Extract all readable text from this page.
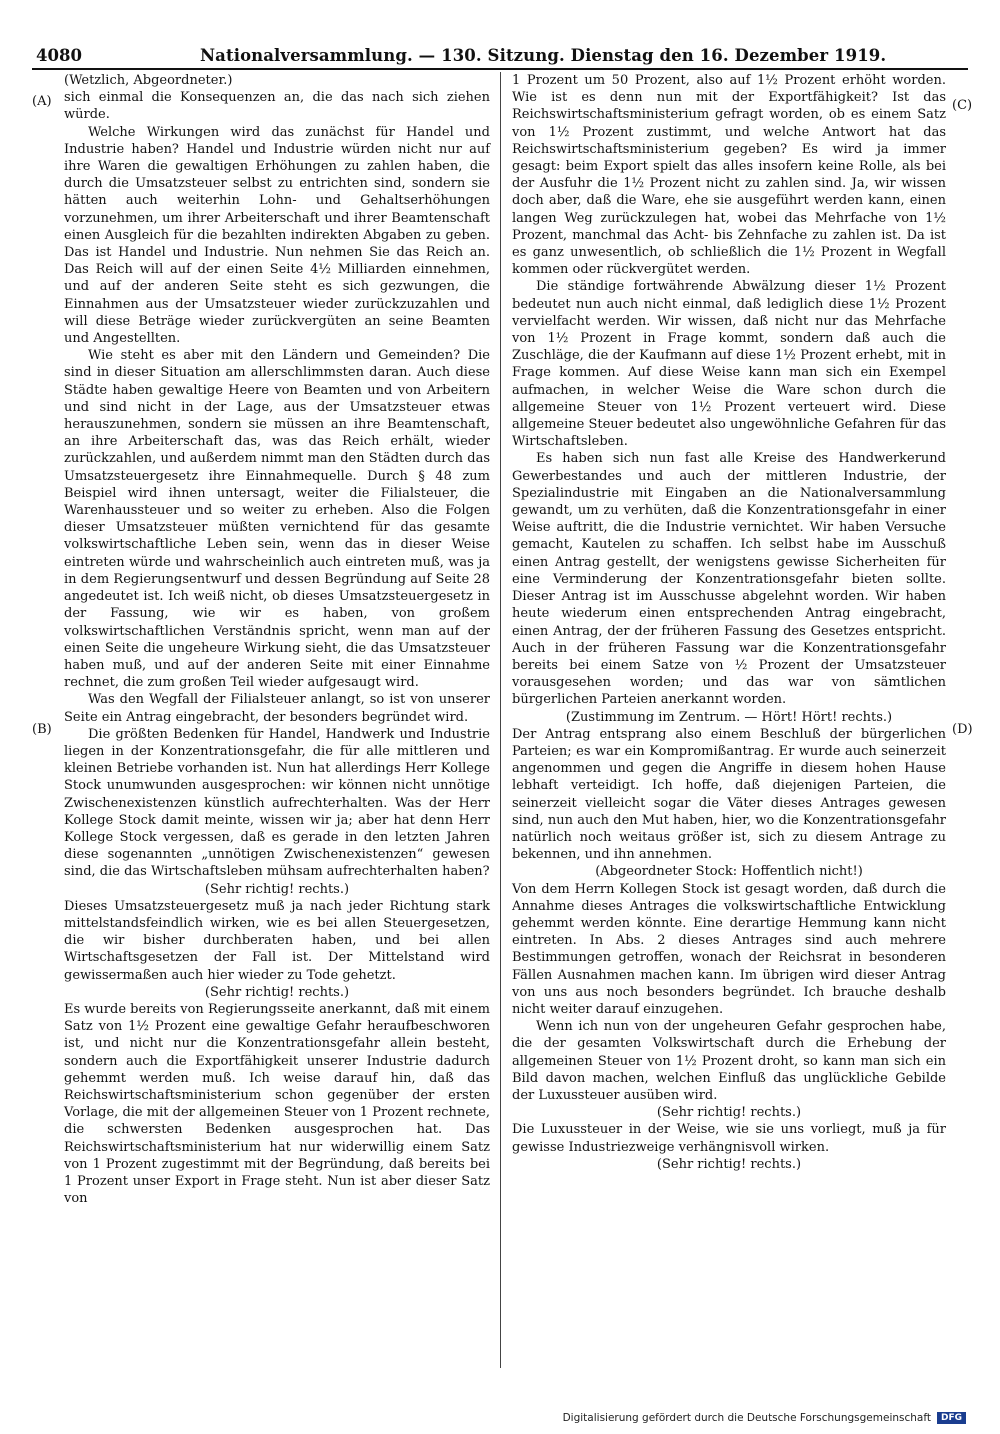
4080	Nationalversammlung. — 130. Sitzung. Dienstag den 16. Dezember 1919.
(A)
(B)
(C)
(D)

(Wetzlich, Abgeordneter.)

sich einmal die Konsequenzen an, die das nach sich ziehen würde.

Welche Wirkungen wird das zunächst für Handel und Industrie haben? Handel und Industrie würden nicht nur auf ihre Waren die gewaltigen Erhöhungen zu zahlen haben, die durch die Umsatzsteuer selbst zu entrichten sind, sondern sie hätten auch weiterhin Lohn- und Gehaltserhöhungen vorzunehmen, um ihrer Arbeiterschaft und ihrer Beamtenschaft einen Ausgleich für die bezahlten indirekten Abgaben zu geben. Das ist Handel und Industrie. Nun nehmen Sie das Reich an. Das Reich will auf der einen Seite 4½ Milliarden einnehmen, und auf der anderen Seite steht es sich gezwungen, die Einnahmen aus der Umsatzsteuer wieder zurückzuzahlen und will diese Beträge wieder zurückvergüten an seine Beamten und Angestellten.

Wie steht es aber mit den Ländern und Gemeinden? Die sind in dieser Situation am allerschlimmsten daran. Auch diese Städte haben gewaltige Heere von Beamten und von Arbeitern und sind nicht in der Lage, aus der Umsatzsteuer etwas herauszunehmen, sondern sie müssen an ihre Beamtenschaft, an ihre Arbeiterschaft das, was das Reich erhält, wieder zurückzahlen, und außerdem nimmt man den Städten durch das Umsatzsteuergesetz ihre Einnahmequelle. Durch § 48 zum Beispiel wird ihnen untersagt, weiter die Filialsteuer, die Warenhaussteuer und so weiter zu erheben. Also die Folgen dieser Umsatzsteuer müßten vernichtend für das gesamte volkswirtschaftliche Leben sein, wenn das in dieser Weise eintreten würde und wahrscheinlich auch eintreten muß, was ja in dem Regierungsentwurf und dessen Begründung auf Seite 28 angedeutet ist. Ich weiß nicht, ob dieses Umsatzsteuergesetz in der Fassung, wie wir es haben, von großem volkswirtschaftlichen Verständnis spricht, wenn man auf der einen Seite die ungeheure Wirkung sieht, die das Umsatzsteuer haben muß, und auf der anderen Seite mit einer Einnahme rechnet, die zum großen Teil wieder aufgesaugt wird.

Was den Wegfall der Filialsteuer anlangt, so ist von unserer Seite ein Antrag eingebracht, der besonders begründet wird.

Die größten Bedenken für Handel, Handwerk und Industrie liegen in der Konzentrationsgefahr, die für alle mittleren und kleinen Betriebe vorhanden ist. Nun hat allerdings Herr Kollege Stock unumwunden ausgesprochen: wir können nicht unnötige Zwischenexistenzen künstlich aufrechterhalten. Was der Herr Kollege Stock damit meinte, wissen wir ja; aber hat denn Herr Kollege Stock vergessen, daß es gerade in den letzten Jahren diese sogenannten „unnötigen Zwischenexistenzen“ gewesen sind, die das Wirtschaftsleben mühsam aufrechterhalten haben?

(Sehr richtig! rechts.)

Dieses Umsatzsteuergesetz muß ja nach jeder Richtung stark mittelstandsfeindlich wirken, wie es bei allen Steuergesetzen, die wir bisher durchberaten haben, und bei allen Wirtschaftsgesetzen der Fall ist. Der Mittelstand wird gewissermaßen auch hier wieder zu Tode gehetzt.

(Sehr richtig! rechts.)

Es wurde bereits von Regierungsseite anerkannt, daß mit einem Satz von 1½ Prozent eine gewaltige Gefahr heraufbeschworen ist, und nicht nur die Konzentrationsgefahr allein besteht, sondern auch die Exportfähigkeit unserer Industrie dadurch gehemmt werden muß. Ich weise darauf hin, daß das Reichswirtschaftsministerium schon gegenüber der ersten Vorlage, die mit der allgemeinen Steuer von 1 Prozent rechnete, die schwersten Bedenken ausgesprochen hat. Das Reichswirtschaftsministerium hat nur widerwillig einem Satz von 1 Prozent zugestimmt mit der Begründung, daß bereits bei 1 Prozent unser Export in Frage steht. Nun ist aber dieser Satz von

1 Prozent um 50 Prozent, also auf 1½ Prozent erhöht worden. Wie ist es denn nun mit der Exportfähigkeit? Ist das Reichswirtschaftsministerium gefragt worden, ob es einem Satz von 1½ Prozent zustimmt, und welche Antwort hat das Reichswirtschaftsministerium gegeben? Es wird ja immer gesagt: beim Export spielt das alles insofern keine Rolle, als bei der Ausfuhr die 1½ Prozent nicht zu zahlen sind. Ja, wir wissen doch aber, daß die Ware, ehe sie ausgeführt werden kann, einen langen Weg zurückzulegen hat, wobei das Mehrfache von 1½ Prozent, manchmal das Acht- bis Zehnfache zu zahlen ist. Da ist es ganz unwesentlich, ob schließlich die 1½ Prozent in Wegfall kommen oder rückvergütet werden.

Die ständige fortwährende Abwälzung dieser 1½ Prozent bedeutet nun auch nicht einmal, daß lediglich diese 1½ Prozent vervielfacht werden. Wir wissen, daß nicht nur das Mehrfache von 1½ Prozent in Frage kommt, sondern daß auch die Zuschläge, die der Kaufmann auf diese 1½ Prozent erhebt, mit in Frage kommen. Auf diese Weise kann man sich ein Exempel aufmachen, in welcher Weise die Ware schon durch die allgemeine Steuer von 1½ Prozent verteuert wird. Diese allgemeine Steuer bedeutet also ungewöhnliche Gefahren für das Wirtschaftsleben.

Es haben sich nun fast alle Kreise des Handwerkerund Gewerbestandes und auch der mittleren Industrie, der Spezialindustrie mit Eingaben an die Nationalversammlung gewandt, um zu verhüten, daß die Konzentrationsgefahr in einer Weise auftritt, die die Industrie vernichtet. Wir haben Versuche gemacht, Kautelen zu schaffen. Ich selbst habe im Ausschuß einen Antrag gestellt, der wenigstens gewisse Sicherheiten für eine Verminderung der Konzentrationsgefahr bieten sollte. Dieser Antrag ist im Ausschusse abgelehnt worden. Wir haben heute wiederum einen entsprechenden Antrag eingebracht, einen Antrag, der der früheren Fassung des Gesetzes entspricht. Auch in der früheren Fassung war die Konzentrationsgefahr bereits bei einem Satze von ½ Prozent der Umsatzsteuer vorausgesehen worden; und das war von sämtlichen bürgerlichen Parteien anerkannt worden.

(Zustimmung im Zentrum. — Hört! Hört! rechts.)

Der Antrag entsprang also einem Beschluß der bürgerlichen Parteien; es war ein Kompromißantrag. Er wurde auch seinerzeit angenommen und gegen die Angriffe in diesem hohen Hause lebhaft verteidigt. Ich hoffe, daß diejenigen Parteien, die seinerzeit vielleicht sogar die Väter dieses Antrages gewesen sind, nun auch den Mut haben, hier, wo die Konzentrationsgefahr natürlich noch weitaus größer ist, sich zu diesem Antrage zu bekennen, und ihn annehmen.

(Abgeordneter Stock: Hoffentlich nicht!)

Von dem Herrn Kollegen Stock ist gesagt worden, daß durch die Annahme dieses Antrages die volkswirtschaftliche Entwicklung gehemmt werden könnte. Eine derartige Hemmung kann nicht eintreten. In Abs. 2 dieses Antrages sind auch mehrere Bestimmungen getroffen, wonach der Reichsrat in besonderen Fällen Ausnahmen machen kann. Im übrigen wird dieser Antrag von uns aus noch besonders begründet. Ich brauche deshalb nicht weiter darauf einzugehen.

Wenn ich nun von der ungeheuren Gefahr gesprochen habe, die der gesamten Volkswirtschaft durch die Erhebung der allgemeinen Steuer von 1½ Prozent droht, so kann man sich ein Bild davon machen, welchen Einfluß das unglückliche Gebilde der Luxussteuer ausüben wird.

(Sehr richtig! rechts.)

Die Luxussteuer in der Weise, wie sie uns vorliegt, muß ja für gewisse Industriezweige verhängnisvoll wirken.

(Sehr richtig! rechts.)

Digitalisierung gefördert durch die Deutsche Forschungsgemeinschaft	DFG
